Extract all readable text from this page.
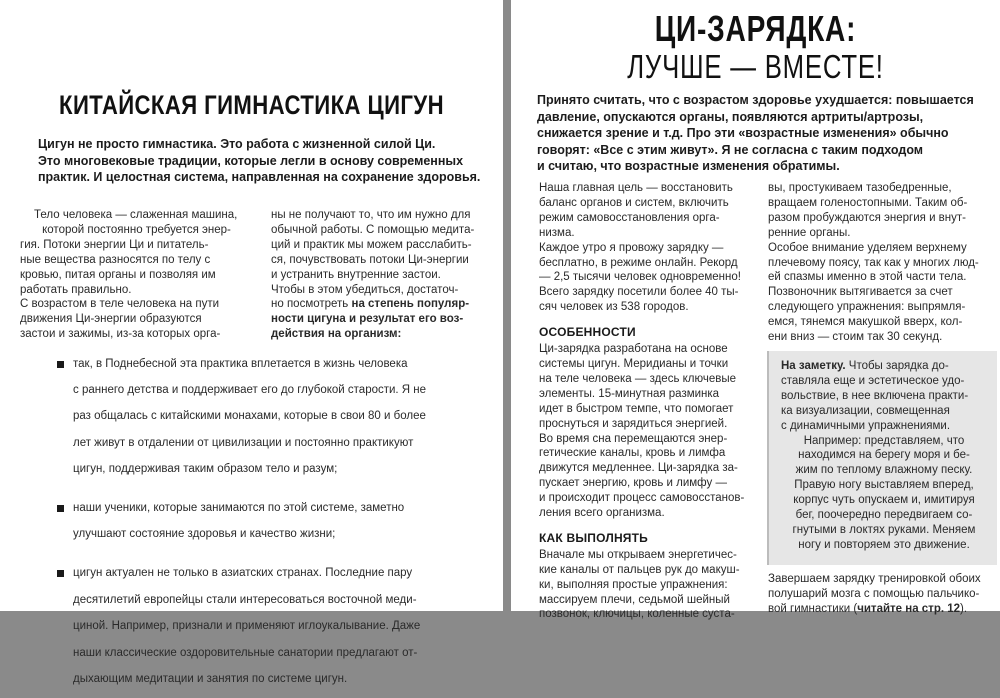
КИТАЙСКАЯ ГИМНАСТИКА ЦИГУН

Цигун не просто гимнастика. Это работа с жизненной силой Ци.

Это многовековые традиции, которые легли в основу современных

практик. И целостная система, направленная на сохранение здоровья.

Тело человека — слаженная машина,

которой постоянно требуется энер-

гия. Потоки энергии Ци и питатель-

ные вещества разносятся по телу с

кровью, питая органы и позволяя им

работать правильно.

С возрастом в теле человека на пути

движения Ци-энергии образуются

застои и зажимы, из-за которых орга-

ны не получают то, что им нужно для

обычной работы. С помощью медита-

ций и практик мы можем расслабить-

ся, почувствовать потоки Ци-энергии

и устранить внутренние застои.

Чтобы в этом убедиться, достаточ-

но посмотреть на степень популяр-

ности цигуна и результат его воз-

действия на организм:

так, в Поднебесной эта практика вплетается в жизнь человека

с раннего детства и поддерживает его до глубокой старости. Я не

раз общалась с китайскими монахами, которые в свои 80 и более

лет живут в отдалении от цивилизации и постоянно практикуют

цигун, поддерживая таким образом тело и разум;

наши ученики, которые занимаются по этой системе, заметно

улучшают состояние здоровья и качество жизни;

цигун актуален не только в азиатских странах. Последние пару

десятилетий европейцы стали интересоваться восточной меди-

циной. Например, признали и применяют иглоукалывание. Даже

наши классические оздоровительные санатории предлагают от-

дыхающим медитации и занятия по системе цигун.

ЦИ-ЗАРЯДКА:
ЛУЧШЕ — ВМЕСТЕ!

Принято считать, что с возрастом здоровье ухудшается: повышается

давление, опускаются органы, появляются артриты/артрозы,

снижается зрение и т.д. Про эти «возрастные изменения» обычно

говорят: «Все с этим живут». Я не согласна с таким подходом

и считаю, что возрастные изменения обратимы.

Наша главная цель — восстановить

баланс органов и систем, включить

режим самовосстановления орга-

низма.

Каждое утро я провожу зарядку —

бесплатно, в режиме онлайн. Рекорд

— 2,5 тысячи человек одновременно!

Всего зарядку посетили более 40 ты-

сяч человек из 538 городов.

ОСОБЕННОСТИ

Ци-зарядка разработана на основе

системы цигун. Меридианы и точки

на теле человека — здесь ключевые

элементы. 15-минутная разминка

идет в быстром темпе, что помогает

проснуться и зарядиться энергией.

Во время сна перемещаются энер-

гетические каналы, кровь и лимфа

движутся медленнее. Ци-зарядка за-

пускает энергию, кровь и лимфу —

и происходит процесс самовосстанов-

ления всего организма.

КАК ВЫПОЛНЯТЬ

Вначале мы открываем энергетичес-

кие каналы от пальцев рук до макуш-

ки, выполняя простые упражнения:

массируем плечи, седьмой шейный

позвонок, ключицы, коленные суста-

вы, простукиваем тазобедренные,

вращаем голеностопными. Таким об-

разом пробуждаются энергия и внут-

ренние органы.

Особое внимание уделяем верхнему

плечевому поясу, так как у многих люд-

ей спазмы именно в этой части тела.

Позвоночник вытягивается за счет

следующего упражнения: выпрямля-

емся, тянемся макушкой вверх, кол-

ени вниз — стоим так 30 секунд.

На заметку. Чтобы зарядка до-

ставляла еще и эстетическое удо-

вольствие, в нее включена практи-

ка визуализации, совмещенная

с динамичными упражнениями.

Например: представляем, что

находимся на берегу моря и бе-

жим по теплому влажному песку.

Правую ногу выставляем вперед,

корпус чуть опускаем и, имитируя

бег, поочередно передвигаем со-

гнутыми в локтях руками. Меняем

ногу и повторяем это движение.

Завершаем зарядку тренировкой обоих

полушарий мозга с помощью пальчико-

вой гимнастики (читайте на стр. 12).
